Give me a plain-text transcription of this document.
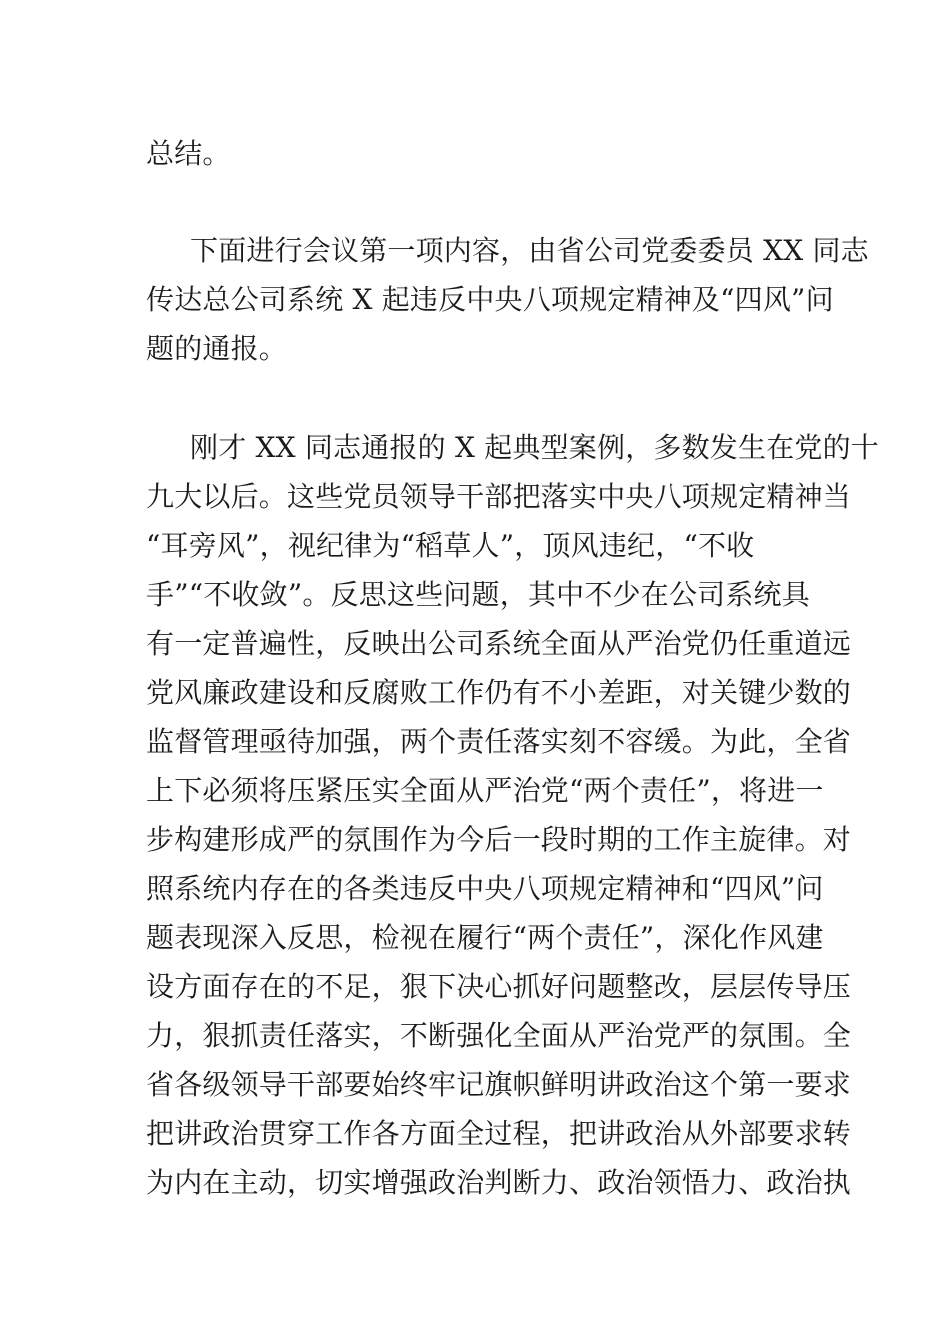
总结。
下面进行会议第一项内容，由省公司党委委员 XX 同志
传达总公司系统 X 起违反中央八项规定精神及“四风”问
题的通报。
刚才 XX 同志通报的 X 起典型案例，多数发生在党的十
九大以后。这些党员领导干部把落实中央八项规定精神当
“耳旁风”，视纪律为“稻草人”，顶风违纪，“不收
手”“不收敛”。反思这些问题，其中不少在公司系统具
有一定普遍性，反映出公司系统全面从严治党仍任重道远
党风廉政建设和反腐败工作仍有不小差距，对关键少数的
监督管理亟待加强，两个责任落实刻不容缓。为此，全省
上下必须将压紧压实全面从严治党“两个责任”，将进一
步构建形成严的氛围作为今后一段时期的工作主旋律。对
照系统内存在的各类违反中央八项规定精神和“四风”问
题表现深入反思，检视在履行“两个责任”，深化作风建
设方面存在的不足，狠下决心抓好问题整改，层层传导压
力，狠抓责任落实，不断强化全面从严治党严的氛围。全
省各级领导干部要始终牢记旗帜鲜明讲政治这个第一要求
把讲政治贯穿工作各方面全过程，把讲政治从外部要求转
为内在主动，切实增强政治判断力、政治领悟力、政治执
